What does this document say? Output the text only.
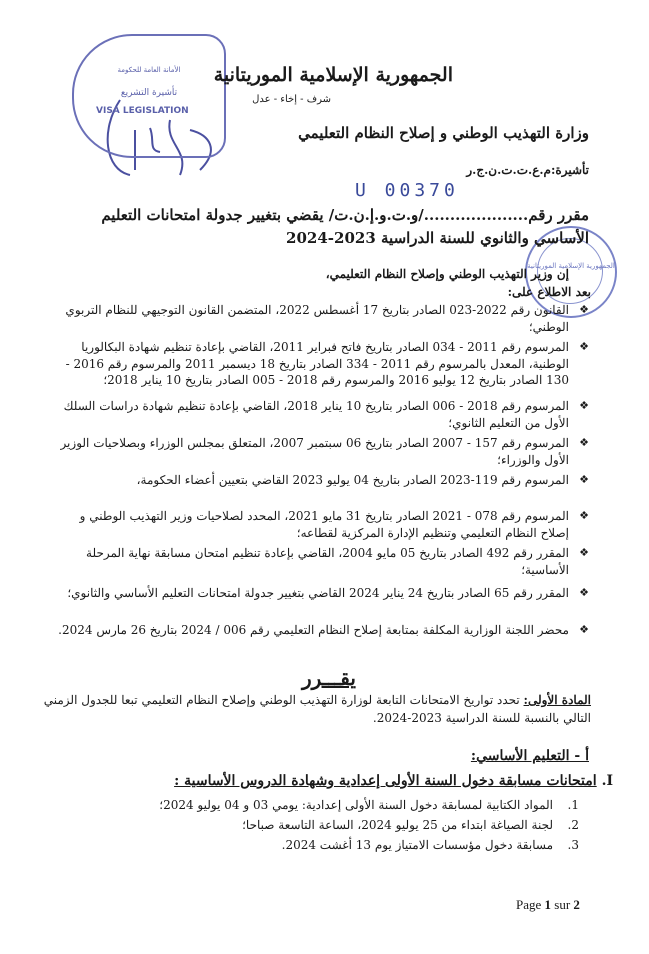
الأمانة العامة للحكومة
تأشيرة التشريع
VISA LEGISLATION
الجمهورية الإسلامية الموريتانية
شرف - إخاء - عدل
وزارة التهذيب الوطني و إصلاح النظام التعليمي
تأشيرة:م.ع.ت.ت.ن.ج.ر
U 00370
الجمهورية الإسلامية الموريتانية
مقرر رقم..................../و.ت.و.إ.ن.ت/ يقضي بتغيير جدولة امتحانات التعليم
الأساسي والثانوي للسنة الدراسية 2023-2024
إن وزير التهذيب الوطني وإصلاح النظام التعليمي،
بعد الاطلاع على:
❖
القانون رقم 2022-023 الصادر بتاريخ 17 أغسطس 2022، المتضمن القانون التوجيهي للنظام التربوي الوطني؛
❖
المرسوم رقم 2011 - 034 الصادر بتاريخ فاتح فبراير 2011، القاضي بإعادة تنظيم شهادة البكالوريا الوطنية، المعدل بالمرسوم رقم 2011 - 334 الصادر بتاريخ 18 ديسمبر 2011 والمرسوم رقم 2016 - 130 الصادر بتاريخ 12 يوليو 2016 والمرسوم رقم 2018 - 005 الصادر بتاريخ 10 يناير 2018؛
❖
المرسوم رقم 2018 - 006 الصادر بتاريخ 10 يناير 2018، القاضي بإعادة تنظيم شهادة دراسات السلك الأول من التعليم الثانوي؛
❖
المرسوم رقم 157 - 2007 الصادر بتاريخ 06 سبتمبر 2007، المتعلق بمجلس الوزراء وبصلاحيات الوزير الأول والوزراء؛
❖
المرسوم رقم 119-2023 الصادر بتاريخ 04 يوليو 2023 القاضي بتعيين أعضاء الحكومة،
❖
المرسوم رقم 078 - 2021 الصادر بتاريخ 31 مايو 2021، المحدد لصلاحيات وزير التهذيب الوطني و إصلاح النظام التعليمي وتنظيم الإدارة المركزية لقطاعه؛
❖
المقرر رقم 492 الصادر بتاريخ 05 مايو 2004، القاضي بإعادة تنظيم امتحان مسابقة نهاية المرحلة الأساسية؛
❖
المقرر رقم 65 الصادر بتاريخ 24 يناير 2024 القاضي بتغيير جدولة امتحانات التعليم الأساسي والثانوي؛
❖
محضر اللجنة الوزارية المكلفة بمتابعة إصلاح النظام التعليمي رقم 006 / 2024 بتاريخ 26 مارس 2024.
يقـــرر
المادة الأولى: تحدد تواريخ الامتحانات التابعة لوزارة التهذيب الوطني وإصلاح النظام التعليمي تبعا للجدول الزمني
التالي بالنسبة للسنة الدراسية 2023-2024.
أ - التعليم الأساسي:
I. امتحانات مسابقة دخول السنة الأولى إعدادية وشهادة الدروس الأساسية :
1.
المواد الكتابية لمسابقة دخول السنة الأولى إعدادية: يومي 03 و 04 يوليو 2024؛
2.
لجنة الصياغة ابتداء من 25 يوليو 2024، الساعة التاسعة صباحا؛
3.
مسابقة دخول مؤسسات الامتياز يوم 13 أغشت 2024.
Page 1 sur 2
